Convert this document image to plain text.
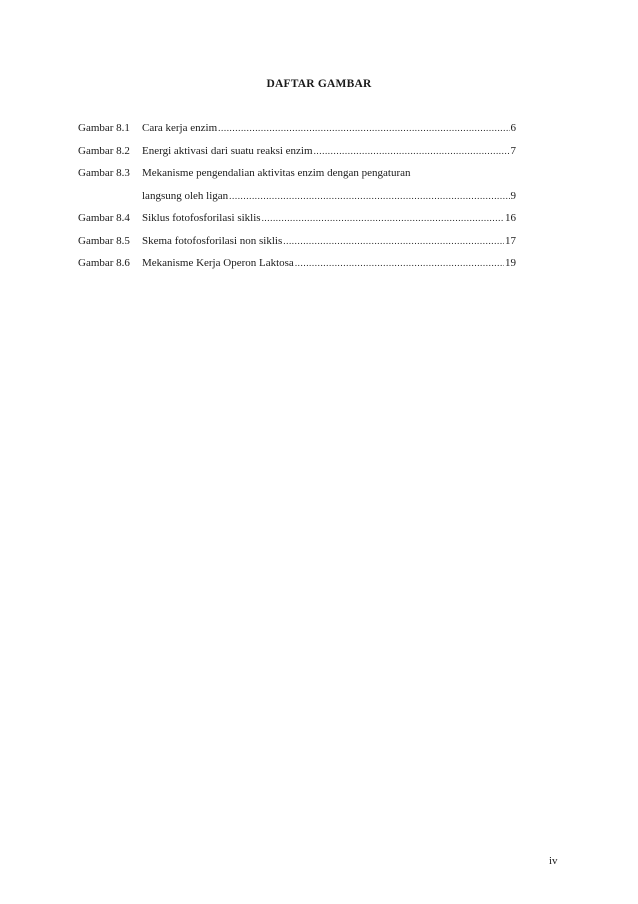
DAFTAR GAMBAR
Gambar 8.1	Cara kerja enzim .....	6
Gambar 8.2	Energi aktivasi dari suatu reaksi enzim .....	7
Gambar 8.3	Mekanisme pengendalian aktivitas enzim dengan pengaturan
langsung oleh ligan .....	9
Gambar 8.4	Siklus fotofosforilasi siklis .....	16
Gambar 8.5	Skema fotofosforilasi non siklis .....	17
Gambar 8.6	Mekanisme Kerja Operon Laktosa .....	19
iv
